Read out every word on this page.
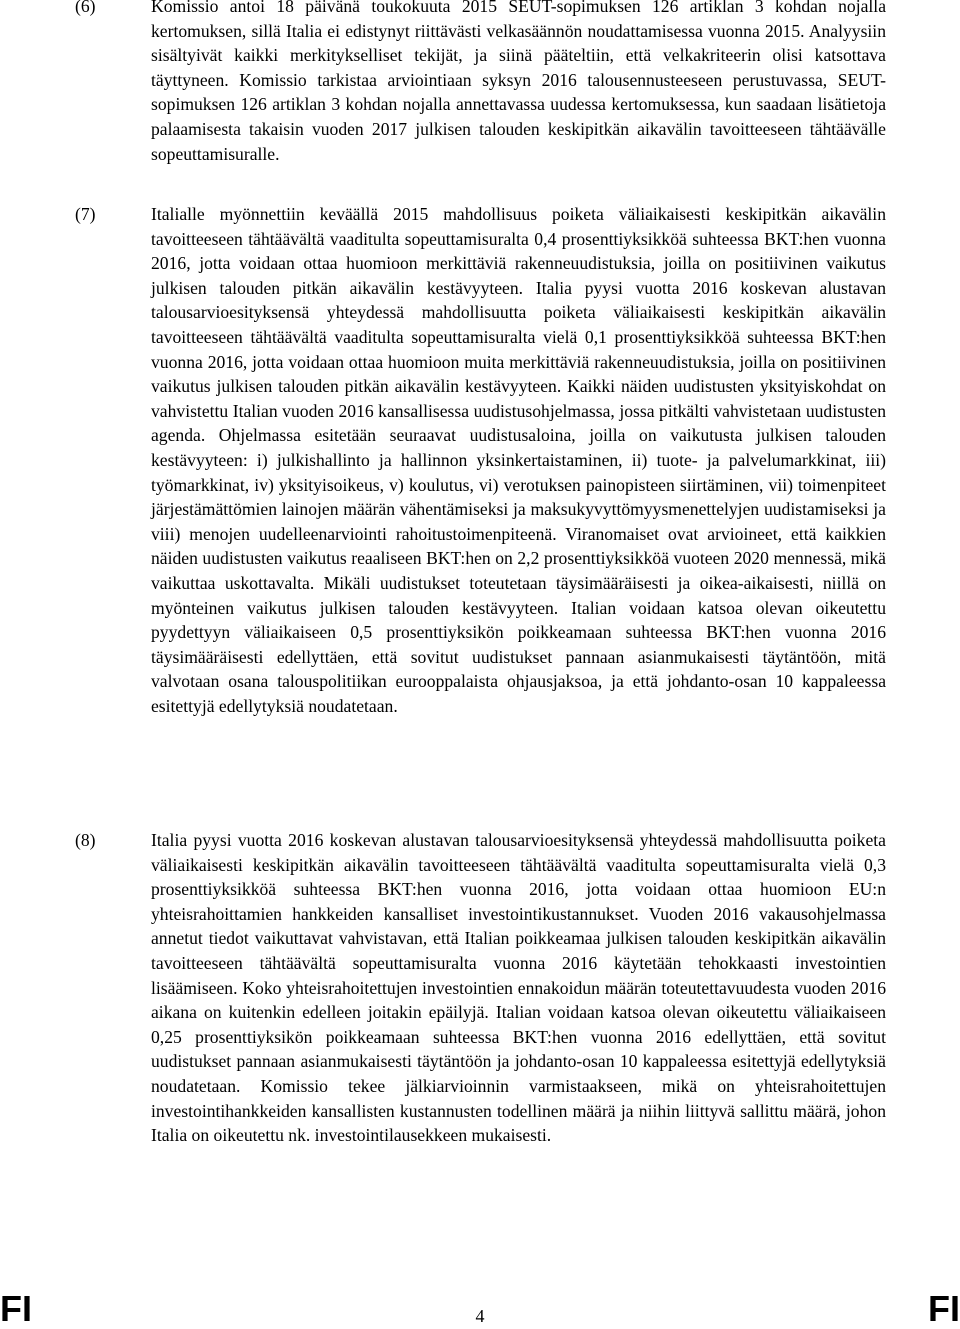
(6)	Komissio antoi 18 päivänä toukokuuta 2015 SEUT-sopimuksen 126 artiklan 3 kohdan nojalla kertomuksen, sillä Italia ei edistynyt riittävästi velkasäännön noudattamisessa vuonna 2015. Analyysiin sisältyivät kaikki merkitykselliset tekijät, ja siinä pääteltiin, että velkakriteerin olisi katsottava täyttyneen. Komissio tarkistaa arviointiaan syksyn 2016 talousennusteeseen perustuvassa, SEUT-sopimuksen 126 artiklan 3 kohdan nojalla annettavassa uudessa kertomuksessa, kun saadaan lisätietoja palaamisesta takaisin vuoden 2017 julkisen talouden keskipitkän aikavälin tavoitteeseen tähtäävälle sopeuttamisuralle.

(7)	Italialle myönnettiin keväällä 2015 mahdollisuus poiketa väliaikaisesti keskipitkän aikavälin tavoitteeseen tähtäävältä vaaditulta sopeuttamisuralta 0,4 prosenttiyksikköä suhteessa BKT:hen vuonna 2016, jotta voidaan ottaa huomioon merkittäviä rakenneuudistuksia, joilla on positiivinen vaikutus julkisen talouden pitkän aikavälin kestävyyteen. Italia pyysi vuotta 2016 koskevan alustavan talousarvioesityksensä yhteydessä mahdollisuutta poiketa väliaikaisesti keskipitkän aikavälin tavoitteeseen tähtäävältä vaaditulta sopeuttamisuralta vielä 0,1 prosenttiyksikköä suhteessa BKT:hen vuonna 2016, jotta voidaan ottaa huomioon muita merkittäviä rakenneuudistuksia, joilla on positiivinen vaikutus julkisen talouden pitkän aikavälin kestävyyteen. Kaikki näiden uudistusten yksityiskohdat on vahvistettu Italian vuoden 2016 kansallisessa uudistusohjelmassa, jossa pitkälti vahvistetaan uudistusten agenda. Ohjelmassa esitetään seuraavat uudistusaloina, joilla on vaikutusta julkisen talouden kestävyyteen: i) julkishallinto ja hallinnon yksinkertaistaminen, ii) tuote- ja palvelumarkkinat, iii) työmarkkinat, iv) yksityisoikeus, v) koulutus, vi) verotuksen painopisteen siirtäminen, vii) toimenpiteet järjestämättömien lainojen määrän vähentämiseksi ja maksukyvyttömyysmenettelyjen uudistamiseksi ja viii) menojen uudelleenarviointi rahoitustoimenpiteenä. Viranomaiset ovat arvioineet, että kaikkien näiden uudistusten vaikutus reaaliseen BKT:hen on 2,2 prosenttiyksikköä vuoteen 2020 mennessä, mikä vaikuttaa uskottavalta. Mikäli uudistukset toteutetaan täysimääräisesti ja oikea-aikaisesti, niillä on myönteinen vaikutus julkisen talouden kestävyyteen. Italian voidaan katsoa olevan oikeutettu pyydettyyn väliaikaiseen 0,5 prosenttiyksikön poikkeamaan suhteessa BKT:hen vuonna 2016 täysimääräisesti edellyttäen, että sovitut uudistukset pannaan asianmukaisesti täytäntöön, mitä valvotaan osana talouspolitiikan eurooppalaista ohjausjaksoa, ja että johdanto-osan 10 kappaleessa esitettyjä edellytyksiä noudatetaan.

(8)	Italia pyysi vuotta 2016 koskevan alustavan talousarvioesityksensä yhteydessä mahdollisuutta poiketa väliaikaisesti keskipitkän aikavälin tavoitteeseen tähtäävältä vaaditulta sopeuttamisuralta vielä 0,3 prosenttiyksikköä suhteessa BKT:hen vuonna 2016, jotta voidaan ottaa huomioon EU:n yhteisrahoittamien hankkeiden kansalliset investointikustannukset. Vuoden 2016 vakausohjelmassa annetut tiedot vaikuttavat vahvistavan, että Italian poikkeamaa julkisen talouden keskipitkän aikavälin tavoitteeseen tähtäävältä sopeuttamisuralta vuonna 2016 käytetään tehokkaasti investointien lisäämiseen. Koko yhteisrahoitettujen investointien ennakoidun määrän toteutettavuudesta vuoden 2016 aikana on kuitenkin edelleen joitakin epäilyjä. Italian voidaan katsoa olevan oikeutettu väliaikaiseen 0,25 prosenttiyksikön poikkeamaan suhteessa BKT:hen vuonna 2016 edellyttäen, että sovitut uudistukset pannaan asianmukaisesti täytäntöön ja johdanto-osan 10 kappaleessa esitettyjä edellytyksiä noudatetaan. Komissio tekee jälkiarvioinnin varmistaakseen, mikä on yhteisrahoitettujen investointihankkeiden kansallisten kustannusten todellinen määrä ja niihin liittyvä sallittu määrä, johon Italia on oikeutettu nk. investointilausekkeen mukaisesti.

FI	4	FI
